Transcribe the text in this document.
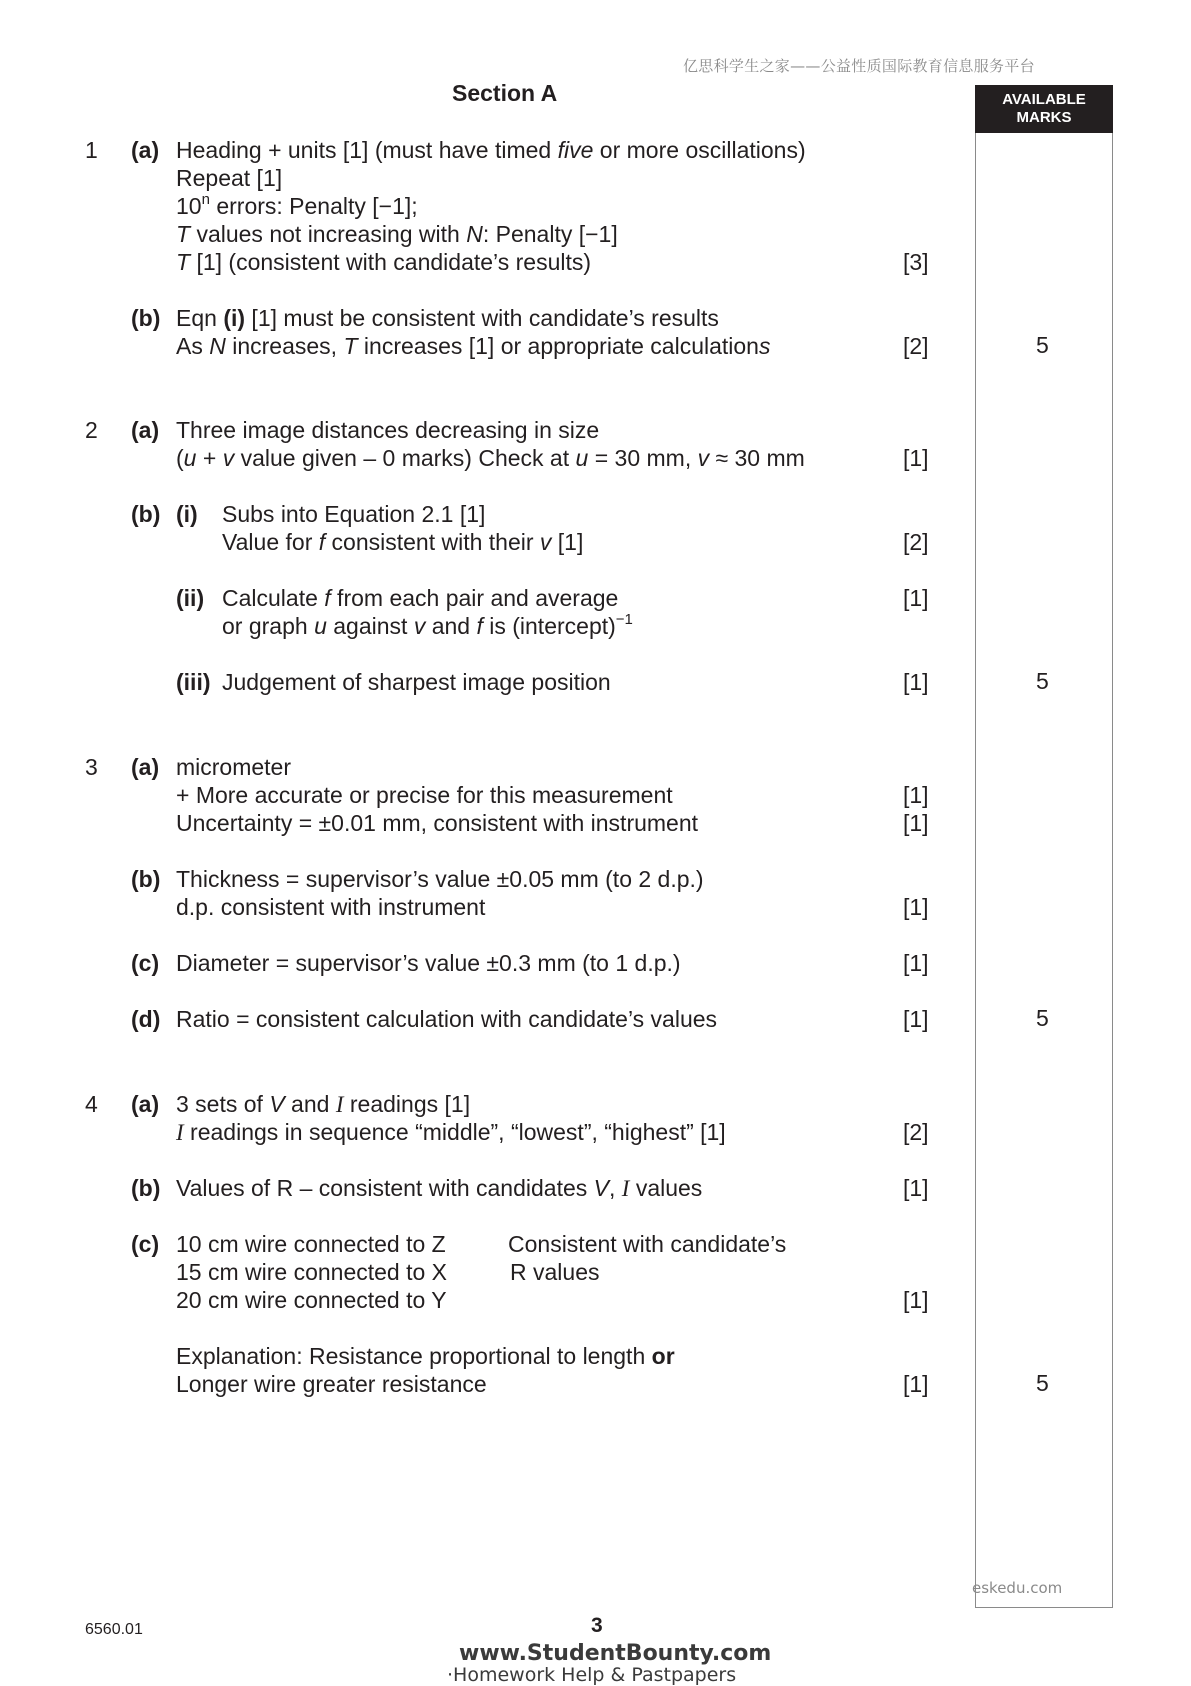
亿思科学生之家——公益性质国际教育信息服务平台
Section A	AVAILABLE
MARKS
1 (a) Heading + units [1] (must have timed five or more oscillations)
Repeat [1]
10$^n$ errors: Penalty [−1];
T values not increasing with N: Penalty [−1]
T [1] (consistent with candidate’s results)	[3]
(b) Eqn (i) [1] must be consistent with candidate’s results
As N increases, T increases [1] or appropriate calculations	[2]	5
2 (a) Three image distances decreasing in size
(u + v value given – 0 marks) Check at u = 30 mm, v ≈ 30 mm	[1]
(b) (i) Subs into Equation 2.1 [1]
Value for f consistent with their v [1]	[2]
(ii) Calculate f from each pair and average	[1]
or graph u against v and f is (intercept)$^{-1}$
(iii) Judgement of sharpest image position	[1]	5
3 (a) micrometer
+ More accurate or precise for this measurement	[1]
Uncertainty = ±0.01 mm, consistent with instrument	[1]
(b) Thickness = supervisor’s value ±0.05 mm (to 2 d.p.)
d.p. consistent with instrument	[1]
(c) Diameter = supervisor’s value ±0.3 mm (to 1 d.p.)	[1]
(d) Ratio = consistent calculation with candidate’s values	[1]	5
4 (a) 3 sets of V and I readings [1]
I readings in sequence “middle”, “lowest”, “highest” [1]	[2]
(b) Values of R – consistent with candidates V, I values	[1]
(c) 10 cm wire connected to Z	Consistent with candidate’s
15 cm wire connected to X	R values
20 cm wire connected to Y	[1]
Explanation: Resistance proportional to length or
Longer wire greater resistance	[1]	5
eskedu.com
6560.01	3
www.StudentBounty.com
·Homework Help & Pastpapers
